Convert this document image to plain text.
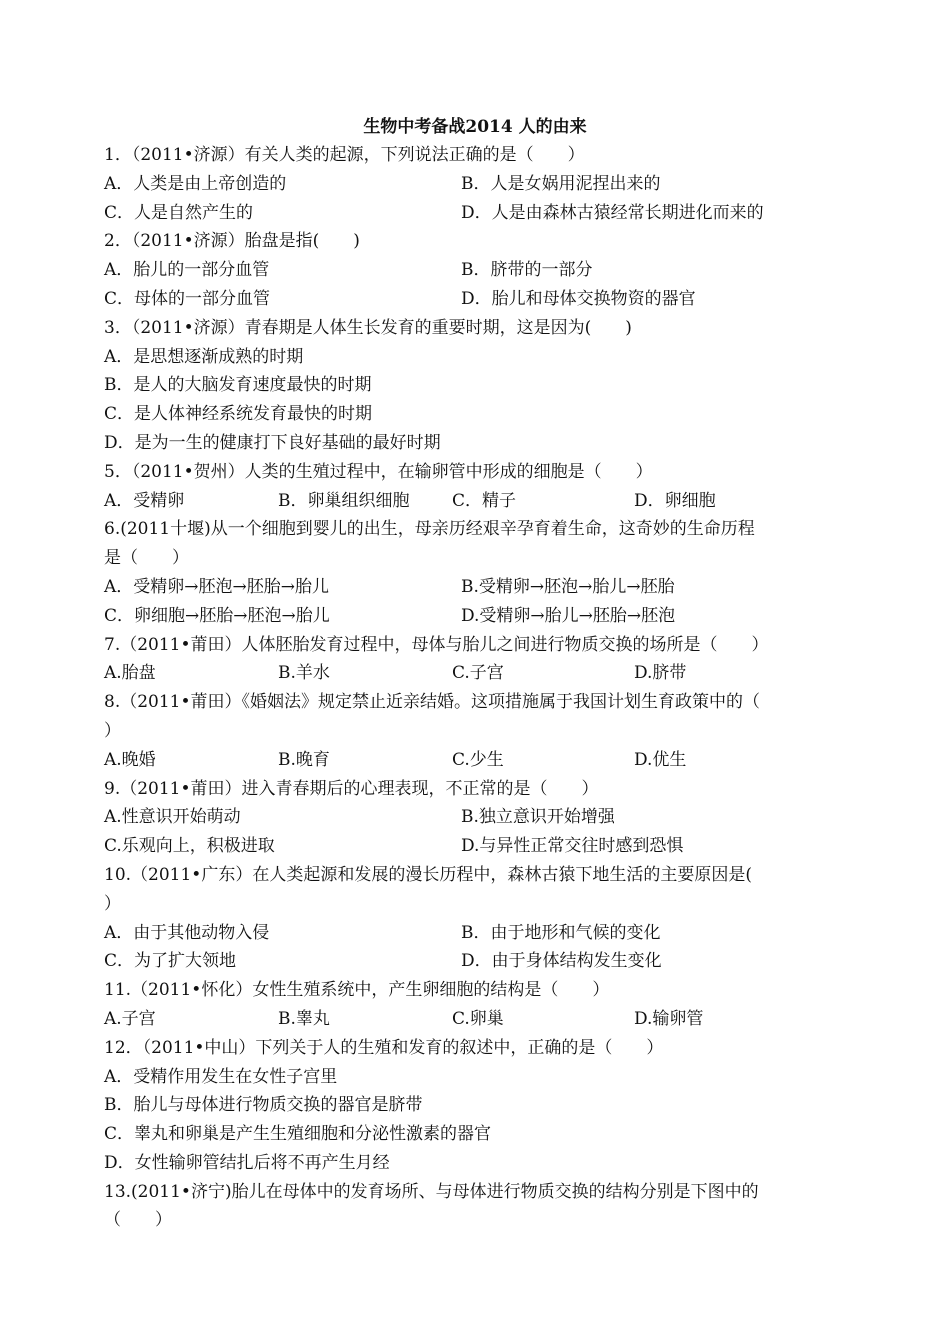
生物中考备战2014 人的由来
1．（2011•济源）有关人类的起源，下列说法正确的是（　　）
A．人类是由上帝创造的	B．人是女娲用泥捏出来的
C．人是自然产生的	D．人是由森林古猿经常长期进化而来的
2．（2011•济源）胎盘是指(　　)
A．胎儿的一部分血管	B．脐带的一部分
C．母体的一部分血管	D．胎儿和母体交换物资的器官
3．（2011•济源）青春期是人体生长发育的重要时期，这是因为(　　)
A．是思想逐渐成熟的时期
B．是人的大脑发育速度最快的时期
C．是人体神经系统发育最快的时期
D．是为一生的健康打下良好基础的最好时期
5．（2011•贺州）人类的生殖过程中，在输卵管中形成的细胞是（　　）
A．受精卵	B．卵巢组织细胞	C．精子	D．卵细胞
6.(2011十堰)从一个细胞到婴儿的出生，母亲历经艰辛孕育着生命，这奇妙的生命历程
是（　　）
A．受精卵→胚泡→胚胎→胎儿	B.受精卵→胚泡→胎儿→胚胎
C．卵细胞→胚胎→胚泡→胎儿	D.受精卵→胎儿→胚胎→胚泡
7.（2011•莆田）人体胚胎发育过程中，母体与胎儿之间进行物质交换的场所是（　　）
A.胎盘	B.羊水	C.子宫	D.脐带
8.（2011•莆田）《婚姻法》规定禁止近亲结婚。这项措施属于我国计划生育政策中的（
）
A.晚婚	B.晚育	C.少生	D.优生
9.（2011•莆田）进入青春期后的心理表现，不正常的是（　　）
A.性意识开始萌动	B.独立意识开始增强
C.乐观向上，积极进取	D.与异性正常交往时感到恐惧
10.（2011•广东）在人类起源和发展的漫长历程中，森林古猿下地生活的主要原因是(
）
A．由于其他动物入侵	B．由于地形和气候的变化
C．为了扩大领地	D．由于身体结构发生变化
11.（2011•怀化）女性生殖系统中，产生卵细胞的结构是（　　）
A.子宫	B.睾丸	C.卵巢	D.输卵管
12．（2011•中山）下列关于人的生殖和发育的叙述中，正确的是（　　）
A．受精作用发生在女性子宫里
B．胎儿与母体进行物质交换的器官是脐带
C．睾丸和卵巢是产生生殖细胞和分泌性激素的器官
D．女性输卵管结扎后将不再产生月经
13.(2011•济宁)胎儿在母体中的发育场所、与母体进行物质交换的结构分别是下图中的
（　　）
